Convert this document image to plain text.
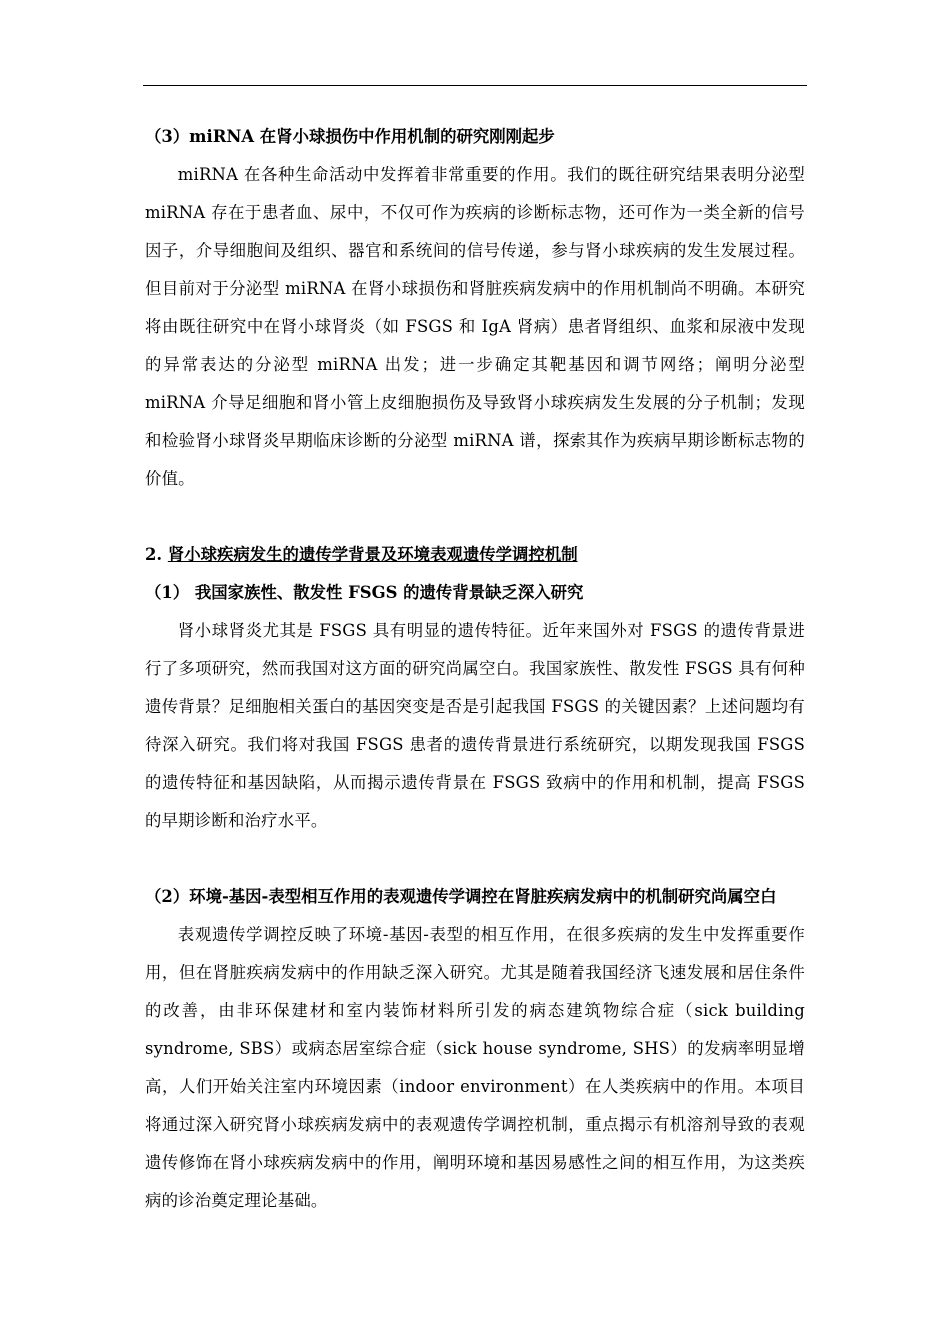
（3）miRNA 在肾小球损伤中作用机制的研究刚刚起步

miRNA 在各种生命活动中发挥着非常重要的作用。我们的既往研究结果表明分泌型 miRNA 存在于患者血、尿中，不仅可作为疾病的诊断标志物，还可作为一类全新的信号因子，介导细胞间及组织、器官和系统间的信号传递，参与肾小球疾病的发生发展过程。但目前对于分泌型 miRNA 在肾小球损伤和肾脏疾病发病中的作用机制尚不明确。本研究将由既往研究中在肾小球肾炎（如 FSGS 和 IgA 肾病）患者肾组织、血浆和尿液中发现的异常表达的分泌型 miRNA 出发；进一步确定其靶基因和调节网络；阐明分泌型 miRNA 介导足细胞和肾小管上皮细胞损伤及导致肾小球疾病发生发展的分子机制；发现和检验肾小球肾炎早期临床诊断的分泌型 miRNA 谱，探索其作为疾病早期诊断标志物的价值。

2. 肾小球疾病发生的遗传学背景及环境表观遗传学调控机制

（1） 我国家族性、散发性 FSGS 的遗传背景缺乏深入研究

肾小球肾炎尤其是 FSGS 具有明显的遗传特征。近年来国外对 FSGS 的遗传背景进行了多项研究，然而我国对这方面的研究尚属空白。我国家族性、散发性 FSGS 具有何种遗传背景？足细胞相关蛋白的基因突变是否是引起我国 FSGS 的关键因素？上述问题均有待深入研究。我们将对我国 FSGS 患者的遗传背景进行系统研究，以期发现我国 FSGS 的遗传特征和基因缺陷，从而揭示遗传背景在 FSGS 致病中的作用和机制，提高 FSGS 的早期诊断和治疗水平。

（2）环境-基因-表型相互作用的表观遗传学调控在肾脏疾病发病中的机制研究尚属空白

表观遗传学调控反映了环境-基因-表型的相互作用，在很多疾病的发生中发挥重要作用，但在肾脏疾病发病中的作用缺乏深入研究。尤其是随着我国经济飞速发展和居住条件的改善，由非环保建材和室内装饰材料所引发的病态建筑物综合症（sick building syndrome, SBS）或病态居室综合症（sick house syndrome, SHS）的发病率明显增高，人们开始关注室内环境因素（indoor environment）在人类疾病中的作用。本项目将通过深入研究肾小球疾病发病中的表观遗传学调控机制，重点揭示有机溶剂导致的表观遗传修饰在肾小球疾病发病中的作用，阐明环境和基因易感性之间的相互作用，为这类疾病的诊治奠定理论基础。
